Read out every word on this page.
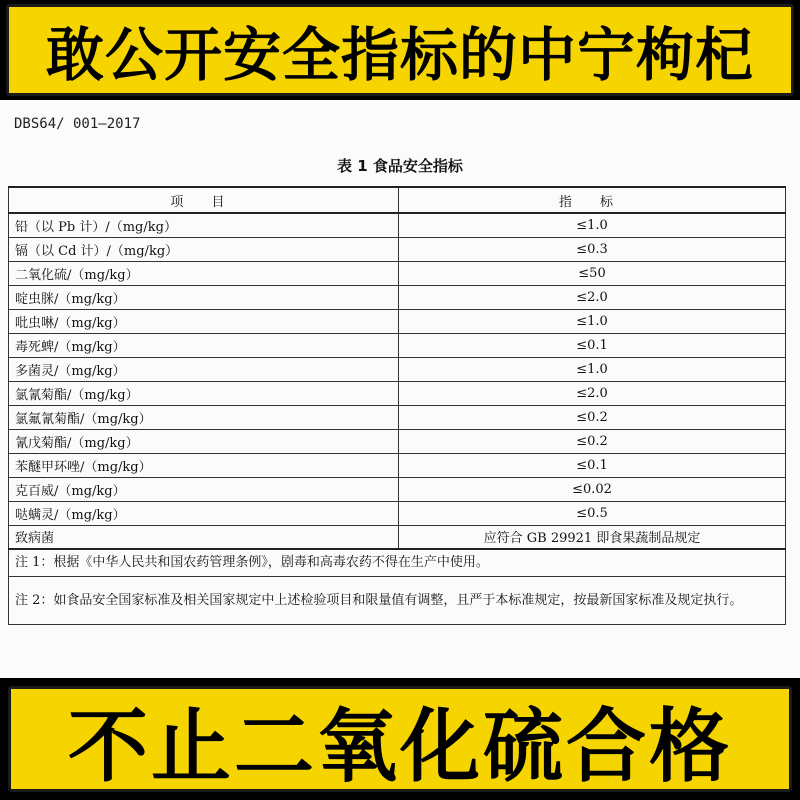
敢公开安全指标的中宁枸杞
DBS64/ 001—2017
表 1 食品安全指标
项 目	指 标
铅（以 Pb 计）/（mg/kg）	≤1.0
镉（以 Cd 计）/（mg/kg）	≤0.3
二氧化硫/（mg/kg）	≤50
啶虫脒/（mg/kg）	≤2.0
吡虫啉/（mg/kg）	≤1.0
毒死蜱/（mg/kg）	≤0.1
多菌灵/（mg/kg）	≤1.0
氯氰菊酯/（mg/kg）	≤2.0
氯氟氰菊酯/（mg/kg）	≤0.2
氰戊菊酯/（mg/kg）	≤0.2
苯醚甲环唑/（mg/kg）	≤0.1
克百威/（mg/kg）	≤0.02
哒螨灵/（mg/kg）	≤0.5
致病菌	应符合 GB 29921 即食果蔬制品规定
注 1：根据《中华人民共和国农药管理条例》，剧毒和高毒农药不得在生产中使用。	
注 2：如食品安全国家标准及相关国家规定中上述检验项目和限量值有调整，且严于本标准规定，按最新国家标准及规定执行。	
不止二氧化硫合格
